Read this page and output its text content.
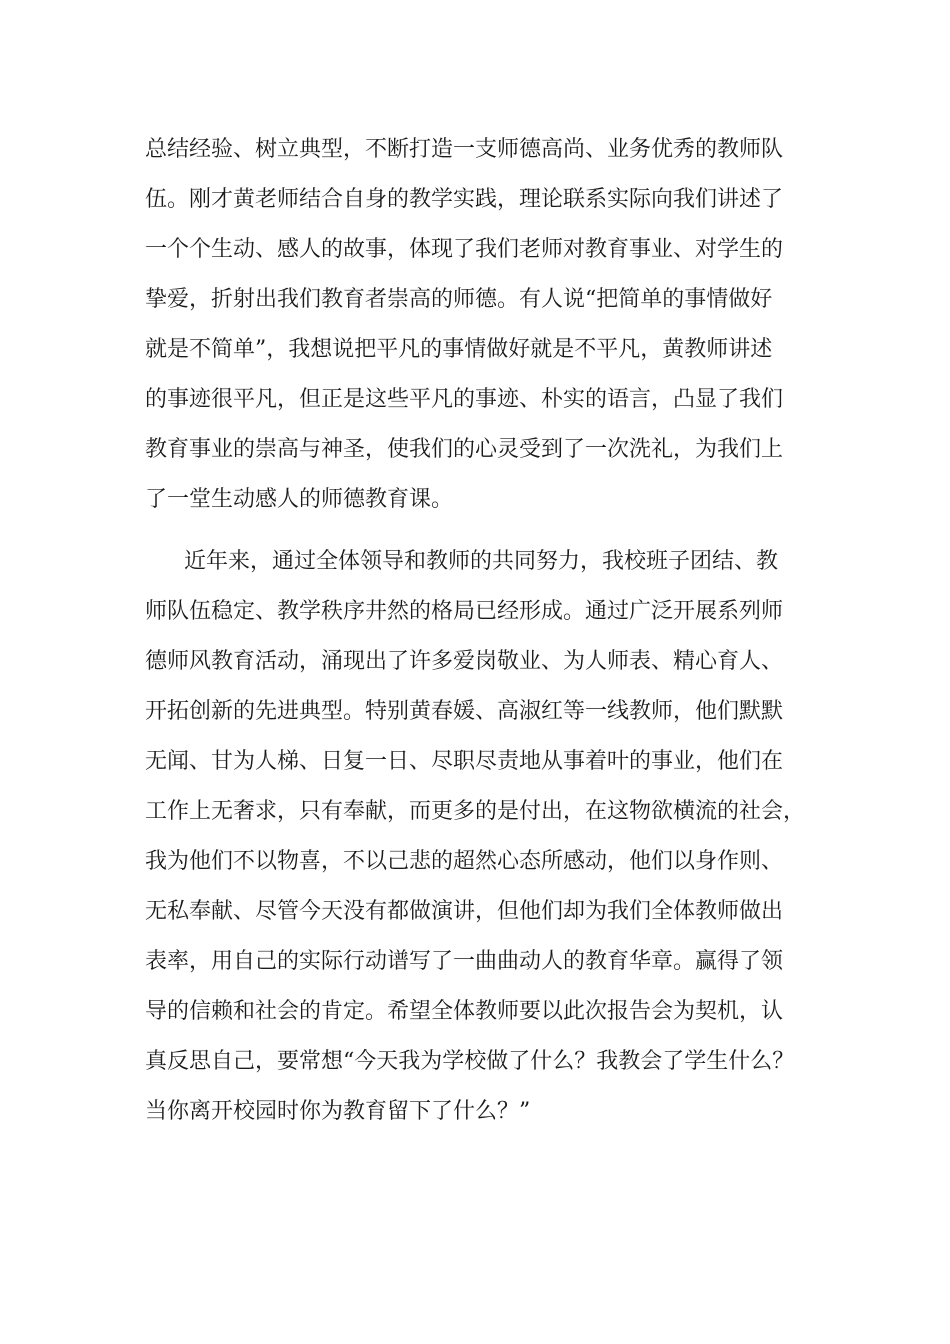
总结经验、树立典型，不断打造一支师德高尚、业务优秀的教师队
伍。刚才黄老师结合自身的教学实践，理论联系实际向我们讲述了
一个个生动、感人的故事，体现了我们老师对教育事业、对学生的
挚爱，折射出我们教育者崇高的师德。有人说“把简单的事情做好
就是不简单”，我想说把平凡的事情做好就是不平凡，黄教师讲述
的事迹很平凡，但正是这些平凡的事迹、朴实的语言，凸显了我们
教育事业的崇高与神圣，使我们的心灵受到了一次洗礼，为我们上
了一堂生动感人的师德教育课。
近年来，通过全体领导和教师的共同努力，我校班子团结、教
师队伍稳定、教学秩序井然的格局已经形成。通过广泛开展系列师
德师风教育活动，涌现出了许多爱岗敬业、为人师表、精心育人、
开拓创新的先进典型。特别黄春媛、高淑红等一线教师，他们默默
无闻、甘为人梯、日复一日、尽职尽责地从事着叶的事业，他们在
工作上无奢求，只有奉献，而更多的是付出，在这物欲横流的社会，
我为他们不以物喜，不以己悲的超然心态所感动，他们以身作则、
无私奉献、尽管今天没有都做演讲，但他们却为我们全体教师做出
表率，用自己的实际行动谱写了一曲曲动人的教育华章。赢得了领
导的信赖和社会的肯定。希望全体教师要以此次报告会为契机，认
真反思自己，要常想“今天我为学校做了什么？我教会了学生什么？
当你离开校园时你为教育留下了什么？”
